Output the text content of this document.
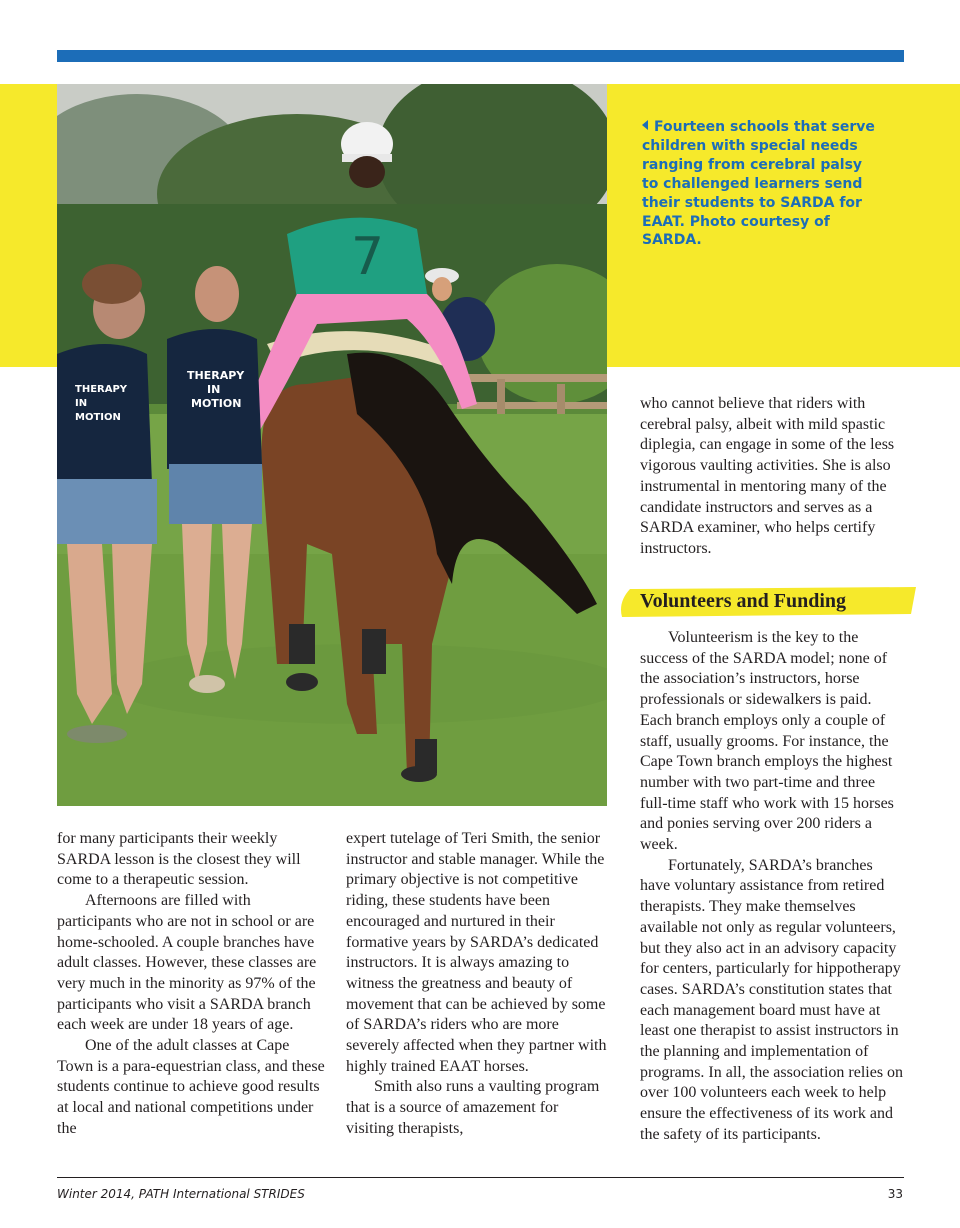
7
THERAPY
IN
MOTION
THERAPY
IN
MOTION

Fourteen schools that serve children with special needs ranging from cerebral palsy to challenged learners send their students to SARDA for EAAT. Photo courtesy of SARDA.

for many participants their weekly SARDA lesson is the closest they will come to a therapeutic session.

Afternoons are filled with participants who are not in school or are home-schooled. A couple branches have adult classes. However, these classes are very much in the minority as 97% of the participants who visit a SARDA branch each week are under 18 years of age.

One of the adult classes at Cape Town is a para-equestrian class, and these students continue to achieve good results at local and national competitions under the

expert tutelage of Teri Smith, the senior instructor and stable manager. While the primary objective is not competitive riding, these students have been encouraged and nurtured in their formative years by SARDA’s dedicated instructors. It is always amazing to witness the greatness and beauty of movement that can be achieved by some of SARDA’s riders who are more severely affected when they partner with highly trained EAAT horses.

Smith also runs a vaulting program that is a source of amazement for visiting therapists,

who cannot believe that riders with cerebral palsy, albeit with mild spastic diplegia, can engage in some of the less vigorous vaulting activities. She is also instrumental in mentoring many of the candidate instructors and serves as a SARDA examiner, who helps certify instructors.

Volunteers and Funding

Volunteerism is the key to the success of the SARDA model; none of the association’s instructors, horse professionals or sidewalkers is paid. Each branch employs only a couple of staff, usually grooms. For instance, the Cape Town branch employs the highest number with two part-time and three full-time staff who work with 15 horses and ponies serving over 200 riders a week.

Fortunately, SARDA’s branches have voluntary assistance from retired therapists. They make themselves available not only as regular volunteers, but they also act in an advisory capacity for centers, particularly for hippotherapy cases. SARDA’s constitution states that each management board must have at least one therapist to assist instructors in the planning and implementation of programs. In all, the association relies on over 100 volunteers each week to help ensure the effectiveness of its work and the safety of its participants.

Winter 2014, PATH International STRIDES	33
